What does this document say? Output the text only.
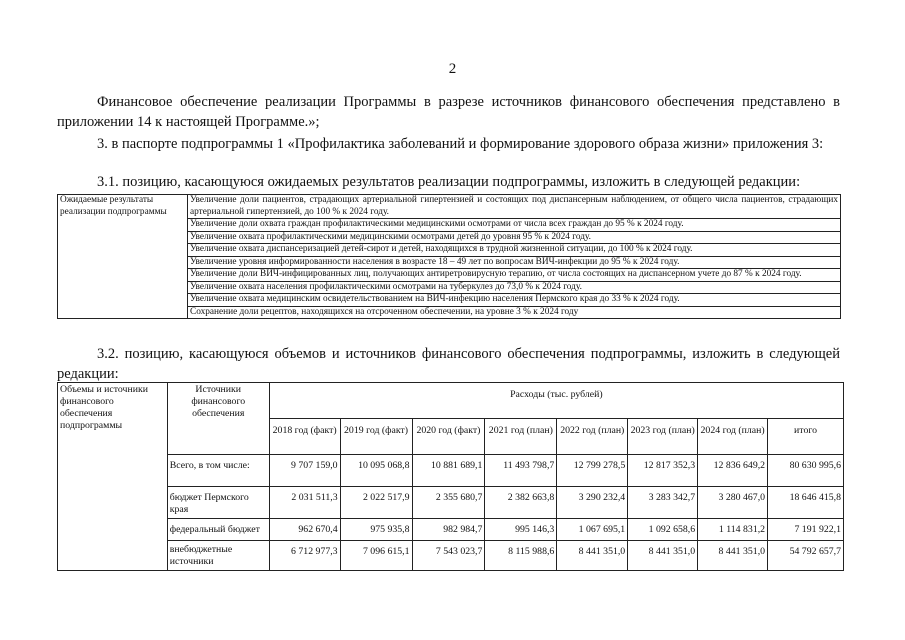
2
Финансовое обеспечение реализации Программы в разрезе источников финансового обеспечения представлено в приложении 14 к настоящей Программе.»;
3. в паспорте подпрограммы 1 «Профилактика заболеваний и формирование здорового образа жизни» приложения 3:
3.1. позицию, касающуюся ожидаемых результатов реализации подпрограммы, изложить в следующей редакции:
Ожидаемые результаты реализации подпрограммы	
Увеличение доли пациентов, страдающих артериальной гипертензией и состоящих под диспансерным наблюдением, от общего числа пациентов, страдающих артериальной гипертензией, до 100 % к 2024 году.
Увеличение доли охвата граждан профилактическими медицинскими осмотрами от числа всех граждан до 95 % к 2024 году.
Увеличение охвата профилактическими медицинскими осмотрами детей до уровня 95 % к 2024 году.
Увеличение охвата диспансеризацией детей-сирот и детей, находящихся в трудной жизненной ситуации, до 100 % к 2024 году.
Увеличение уровня информированности населения в возрасте 18 – 49 лет по вопросам ВИЧ-инфекции до 95 % к 2024 году.
Увеличение доли ВИЧ-инфицированных лиц, получающих антиретровирусную терапию, от числа состоящих на диспансерном учете до 87 % к 2024 году.
Увеличение охвата населения профилактическими осмотрами на туберкулез до 73,0 % к 2024 году.
Увеличение охвата медицинским освидетельствованием на ВИЧ-инфекцию населения Пермского края до 33 % к 2024 году.
Сохранение доли рецептов, находящихся на отсроченном обеспечении, на уровне 3 % к 2024 году
3.2. позицию, касающуюся объемов и источников финансового обеспечения подпрограммы, изложить в следующей редакции:
Объемы и источники финансового обеспечения подпрограммы	Источники финансового обеспечения	Расходы (тыс. рублей)							
		2018 год (факт)	2019 год (факт)	2020 год (факт)	2021 год (план)	2022 год (план)	2023 год (план)	2024 год (план)	итого
	Всего, в том числе:	9 707 159,0	10 095 068,8	10 881 689,1	11 493 798,7	12 799 278,5	12 817 352,3	12 836 649,2	80 630 995,6
	бюджет Пермского края	2 031 511,3	2 022 517,9	2 355 680,7	2 382 663,8	3 290 232,4	3 283 342,7	3 280 467,0	18 646 415,8
	федеральный бюджет	962 670,4	975 935,8	982 984,7	995 146,3	1 067 695,1	1 092 658,6	1 114 831,2	7 191 922,1
	внебюджетные источники	6 712 977,3	7 096 615,1	7 543 023,7	8 115 988,6	8 441 351,0	8 441 351,0	8 441 351,0	54 792 657,7
